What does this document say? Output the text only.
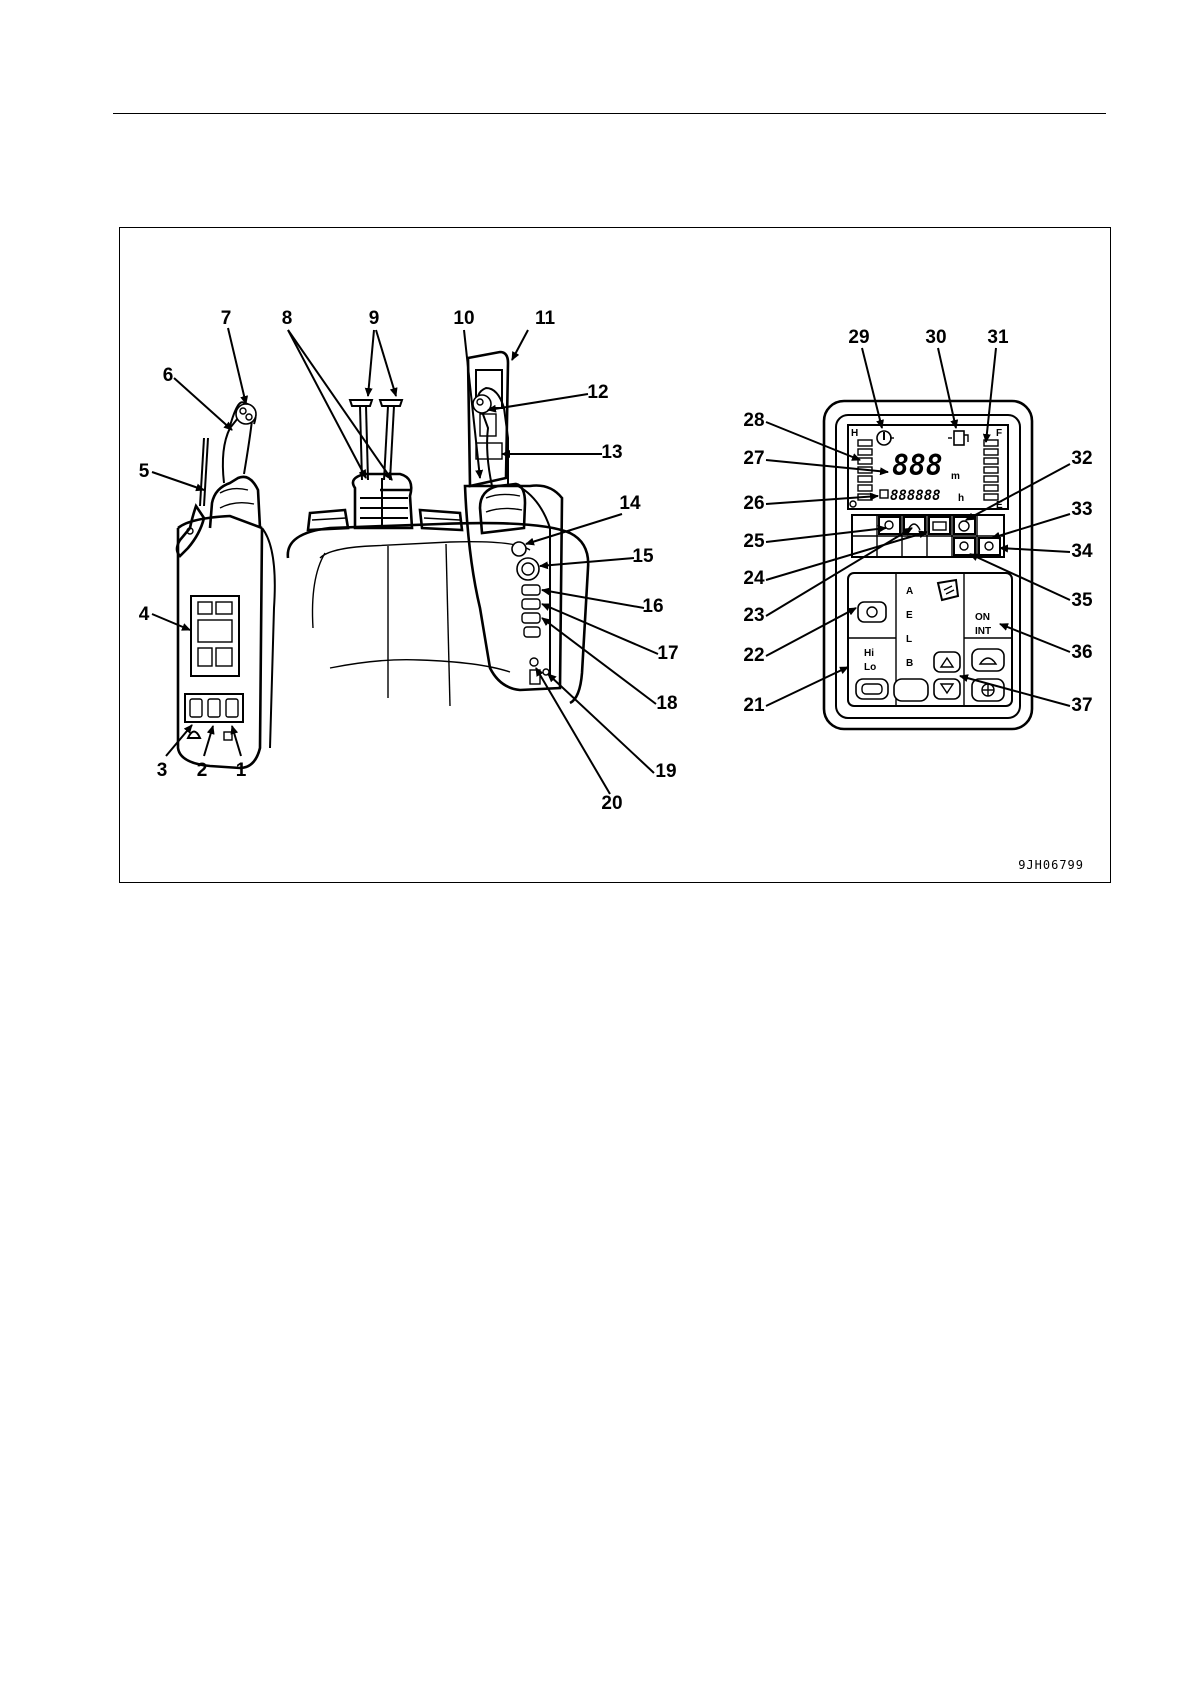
1
2
3
4
5
6
7	8	9	10	11
12
13
14
15
16
17
18
19
20
H	F
E
888 m
888888 h
Hi
Lo
A
E
L
B
ON
INT
21
22
23
24
25
26
27
28
29	30 31
32
33
34
35
36
37
9JH06799
